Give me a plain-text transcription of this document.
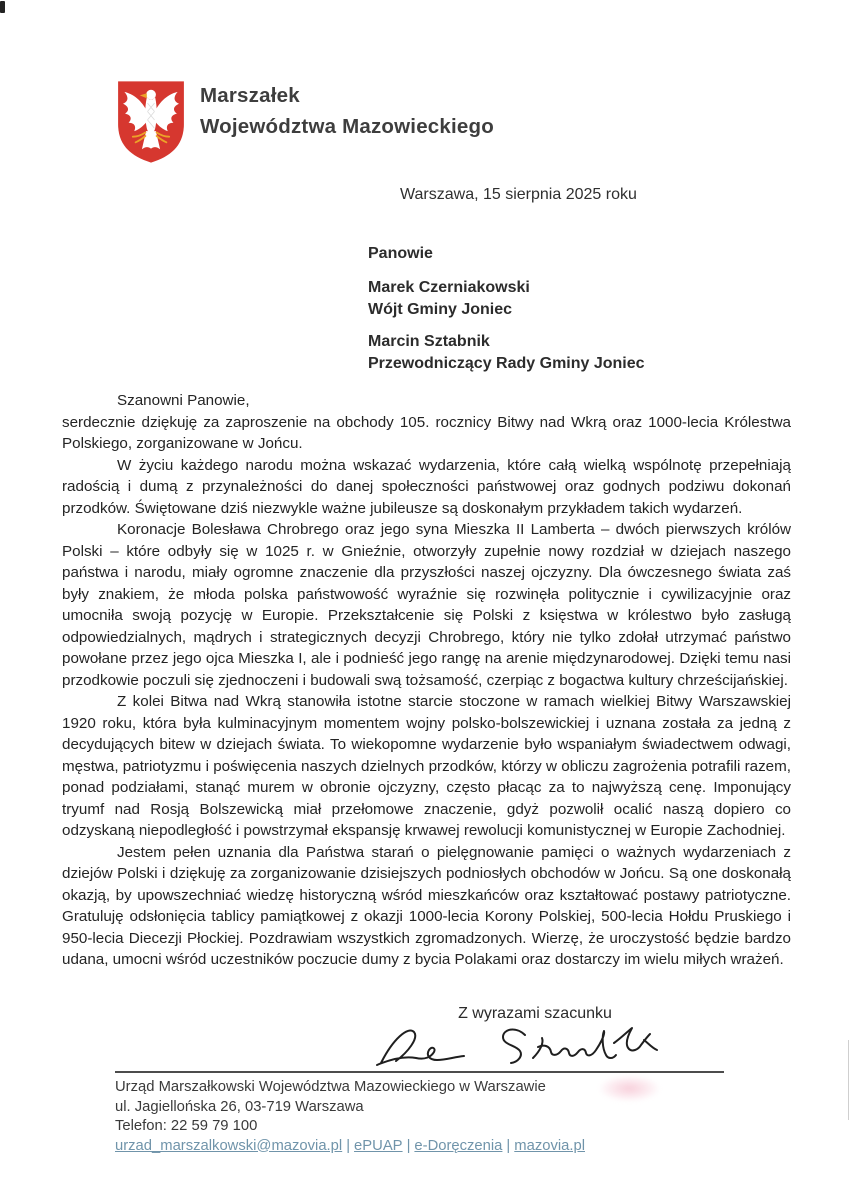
Marszałek
Województwa Mazowieckiego
Warszawa, 15 sierpnia 2025 roku
Panowie
Marek Czerniakowski
Wójt Gminy Joniec
Marcin Sztabnik
Przewodniczący Rady Gminy Joniec
Szanowni Panowie,

serdecznie dziękuję za zaproszenie na obchody 105. rocznicy Bitwy nad Wkrą oraz 1000-lecia Królestwa Polskiego, zorganizowane w Jońcu.

W życiu każdego narodu można wskazać wydarzenia, które całą wielką wspólnotę przepełniają radością i dumą z przynależności do danej społeczności państwowej oraz godnych podziwu dokonań przodków. Świętowane dziś niezwykle ważne jubileusze są doskonałym przykładem takich wydarzeń.

Koronacje Bolesława Chrobrego oraz jego syna Mieszka II Lamberta – dwóch pierwszych królów Polski – które odbyły się w 1025 r. w Gnieźnie, otworzyły zupełnie nowy rozdział w dziejach naszego państwa i narodu, miały ogromne znaczenie dla przyszłości naszej ojczyzny. Dla ówczesnego świata zaś były znakiem, że młoda polska państwowość wyraźnie się rozwinęła politycznie i cywilizacyjnie oraz umocniła swoją pozycję w Europie. Przekształcenie się Polski z księstwa w królestwo było zasługą odpowiedzialnych, mądrych i strategicznych decyzji Chrobrego, który nie tylko zdołał utrzymać państwo powołane przez jego ojca Mieszka I, ale i podnieść jego rangę na arenie międzynarodowej. Dzięki temu nasi przodkowie poczuli się zjednoczeni i budowali swą tożsamość, czerpiąc z bogactwa kultury chrześcijańskiej.

Z kolei Bitwa nad Wkrą stanowiła istotne starcie stoczone w ramach wielkiej Bitwy Warszawskiej 1920 roku, która była kulminacyjnym momentem wojny polsko-bolszewickiej i uznana została za jedną z decydujących bitew w dziejach świata. To wiekopomne wydarzenie było wspaniałym świadectwem odwagi, męstwa, patriotyzmu i poświęcenia naszych dzielnych przodków, którzy w obliczu zagrożenia potrafili razem, ponad podziałami, stanąć murem w obronie ojczyzny, często płacąc za to najwyższą cenę. Imponujący tryumf nad Rosją Bolszewicką miał przełomowe znaczenie, gdyż pozwolił ocalić naszą dopiero co odzyskaną niepodległość i powstrzymał ekspansję krwawej rewolucji komunistycznej w Europie Zachodniej.

Jestem pełen uznania dla Państwa starań o pielęgnowanie pamięci o ważnych wydarzeniach z dziejów Polski i dziękuję za zorganizowanie dzisiejszych podniosłych obchodów w Jońcu. Są one doskonałą okazją, by upowszechniać wiedzę historyczną wśród mieszkańców oraz kształtować postawy patriotyczne. Gratuluję odsłonięcia tablicy pamiątkowej z okazji 1000-lecia Korony Polskiej, 500-lecia Hołdu Pruskiego i 950-lecia Diecezji Płockiej. Pozdrawiam wszystkich zgromadzonych. Wierzę, że uroczystość będzie bardzo udana, umocni wśród uczestników poczucie dumy z bycia Polakami oraz dostarczy im wielu miłych wrażeń.

Z wyrazami szacunku
Urząd Marszałkowski Województwa Mazowieckiego w Warszawie
ul. Jagiellońska 26, 03-719 Warszawa
Telefon: 22 59 79 100
urzad_marszalkowski@mazovia.pl | ePUAP | e-Doręczenia | mazovia.pl
